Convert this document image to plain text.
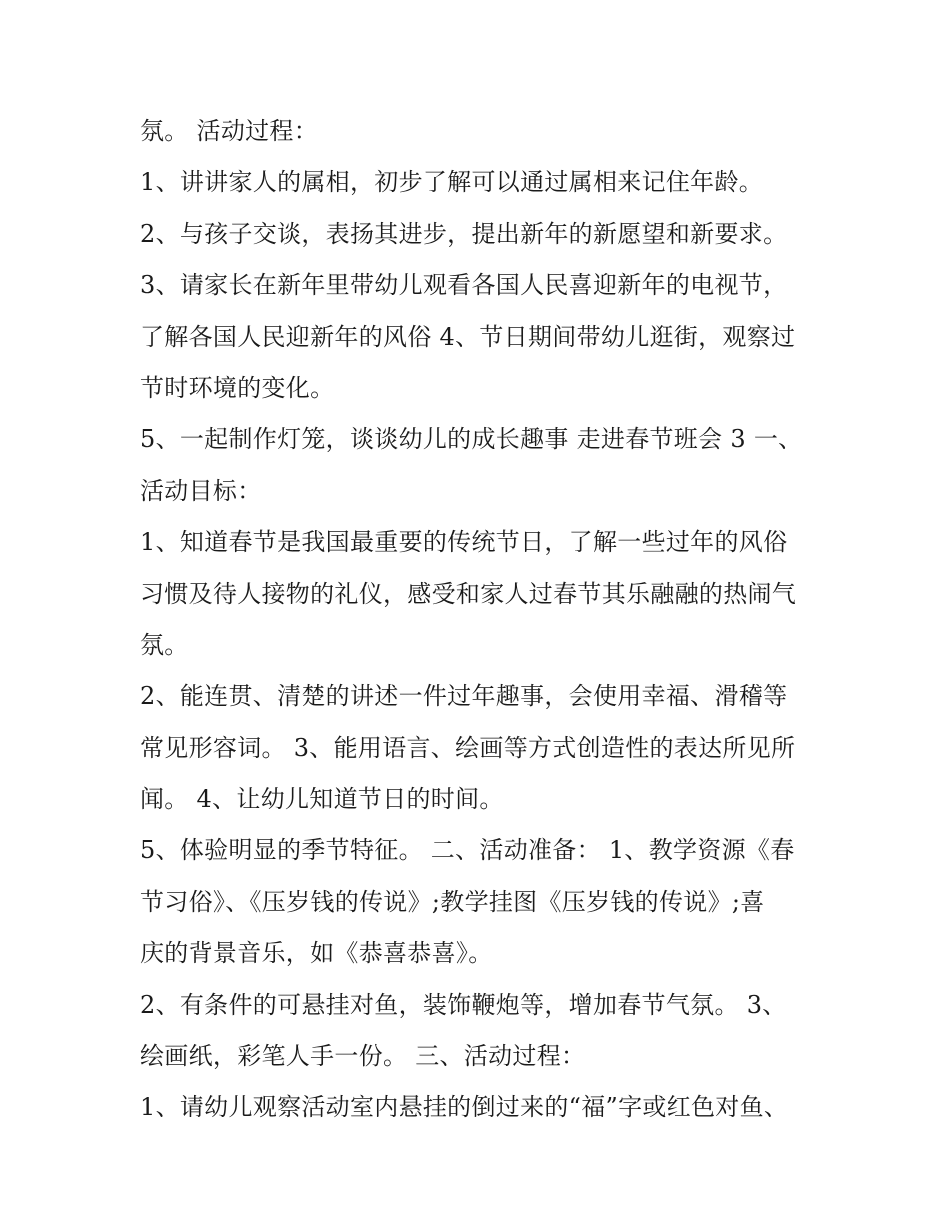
氛。 活动过程：
1、讲讲家人的属相，初步了解可以通过属相来记住年龄。
2、与孩子交谈，表扬其进步，提出新年的新愿望和新要求。
3、请家长在新年里带幼儿观看各国人民喜迎新年的电视节，
了解各国人民迎新年的风俗 4、节日期间带幼儿逛街，观察过
节时环境的变化。
5、一起制作灯笼，谈谈幼儿的成长趣事 走进春节班会 3 一、
活动目标：
1、知道春节是我国最重要的传统节日，了解一些过年的风俗
习惯及待人接物的礼仪，感受和家人过春节其乐融融的热闹气
氛。
2、能连贯、清楚的讲述一件过年趣事，会使用幸福、滑稽等
常见形容词。 3、能用语言、绘画等方式创造性的表达所见所
闻。 4、让幼儿知道节日的时间。
5、体验明显的季节特征。 二、活动准备： 1、教学资源《春
节习俗》、《压岁钱的传说》;教学挂图《压岁钱的传说》;喜
庆的背景音乐，如《恭喜恭喜》。
2、有条件的可悬挂对鱼，装饰鞭炮等，增加春节气氛。 3、
绘画纸，彩笔人手一份。 三、活动过程：
1、请幼儿观察活动室内悬挂的倒过来的“福”字或红色对鱼、
